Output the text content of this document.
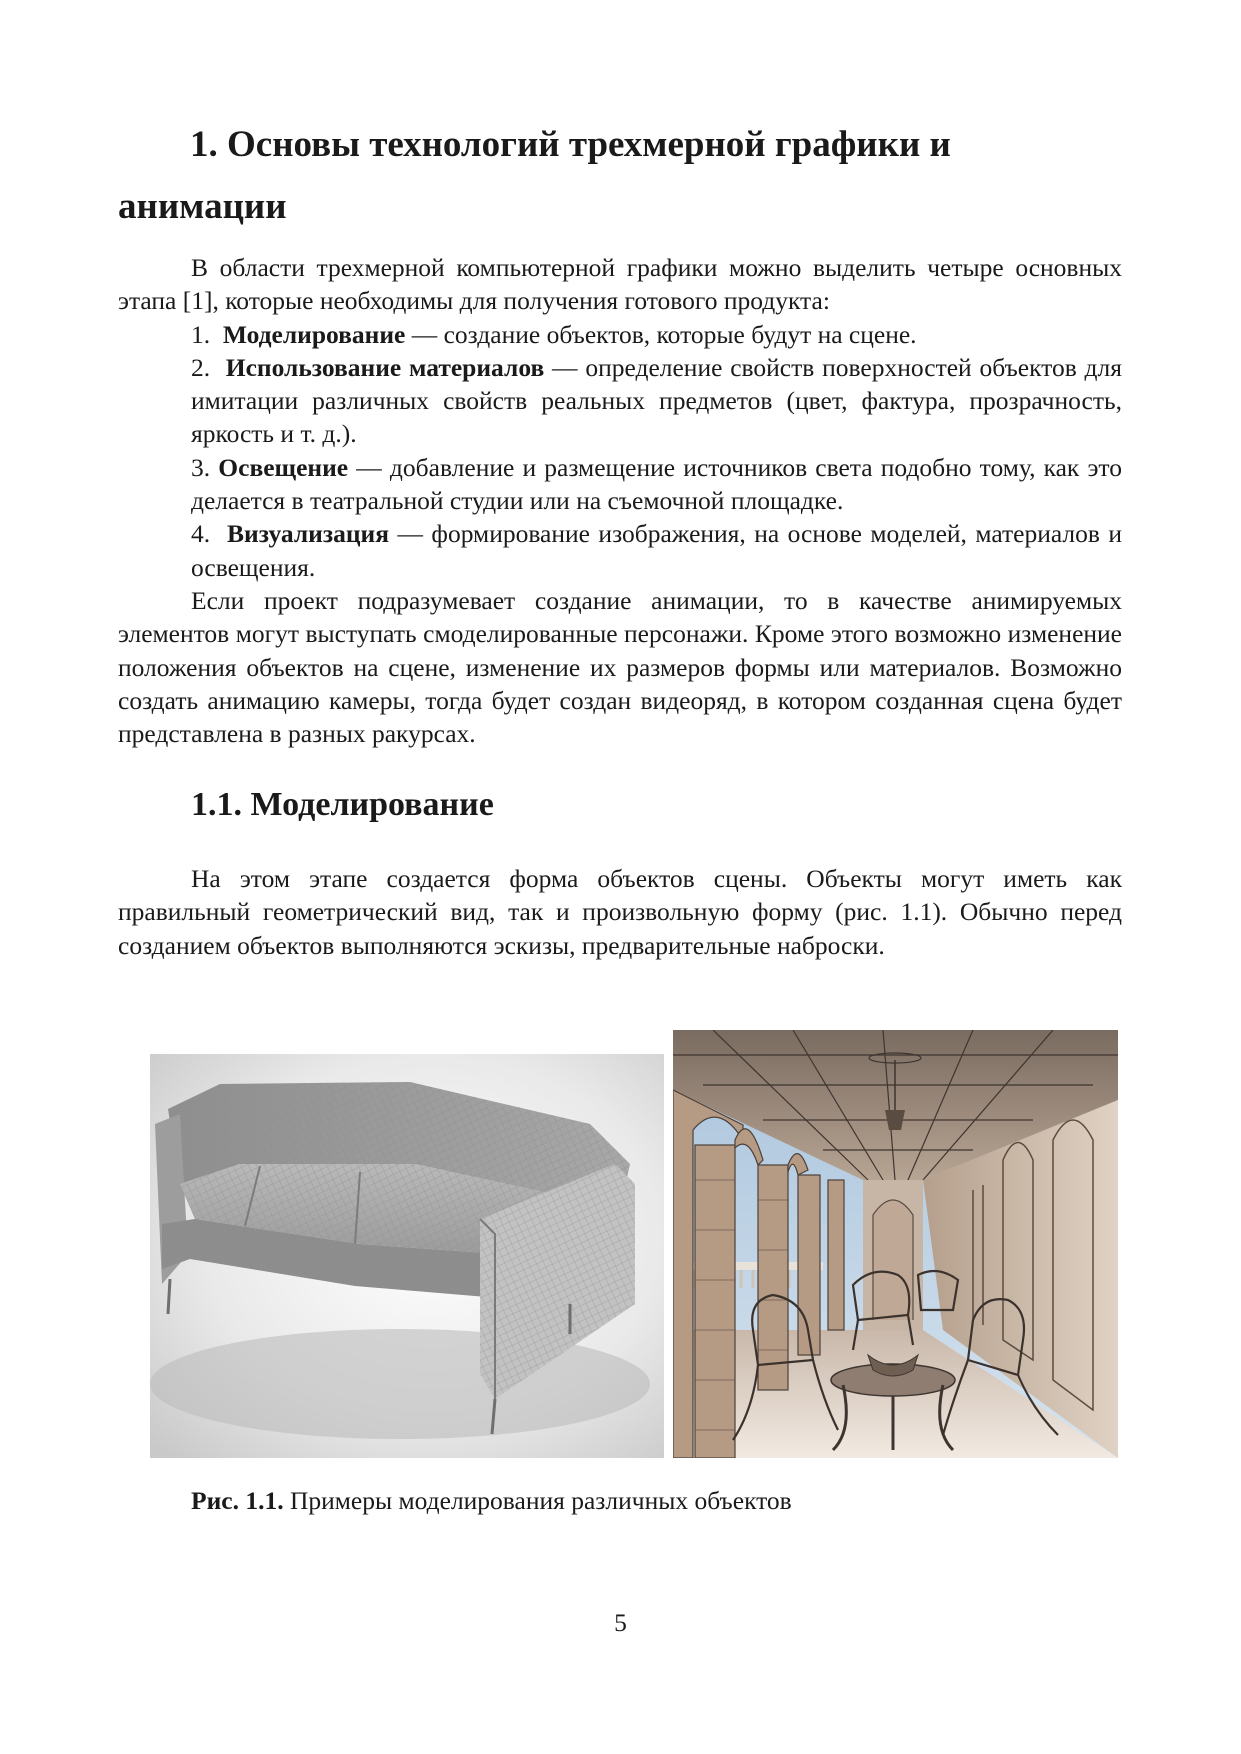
1. Основы технологий трехмерной графики и
анимации

В области трехмерной компьютерной графики можно выделить четыре основных этапа [1], которые необходимы для получения готового продукта:

1. Моделирование — создание объектов, которые будут на сцене.

2. Использование материалов — определение свойств поверхностей объектов для имитации различных свойств реальных предметов (цвет, фактура, прозрачность, яркость и т. д.).

3. Освещение — добавление и размещение источников света подобно тому, как это делается в театральной студии или на съемочной площадке.

4. Визуализация — формирование изображения, на основе моделей, материалов и освещения.

Если проект подразумевает создание анимации, то в качестве анимируемых элементов могут выступать смоделированные персонажи. Кроме этого возможно изменение положения объектов на сцене, изменение их размеров формы или материалов. Возможно создать анимацию камеры, тогда будет создан видеоряд, в котором созданная сцена будет представлена в разных ракурсах.

1.1. Моделирование

На этом этапе создается форма объектов сцены. Объекты могут иметь как правильный геометрический вид, так и произвольную форму (рис. 1.1). Обычно перед созданием объектов выполняются эскизы, предварительные наброски.

Рис. 1.1. Примеры моделирования различных объектов
5
